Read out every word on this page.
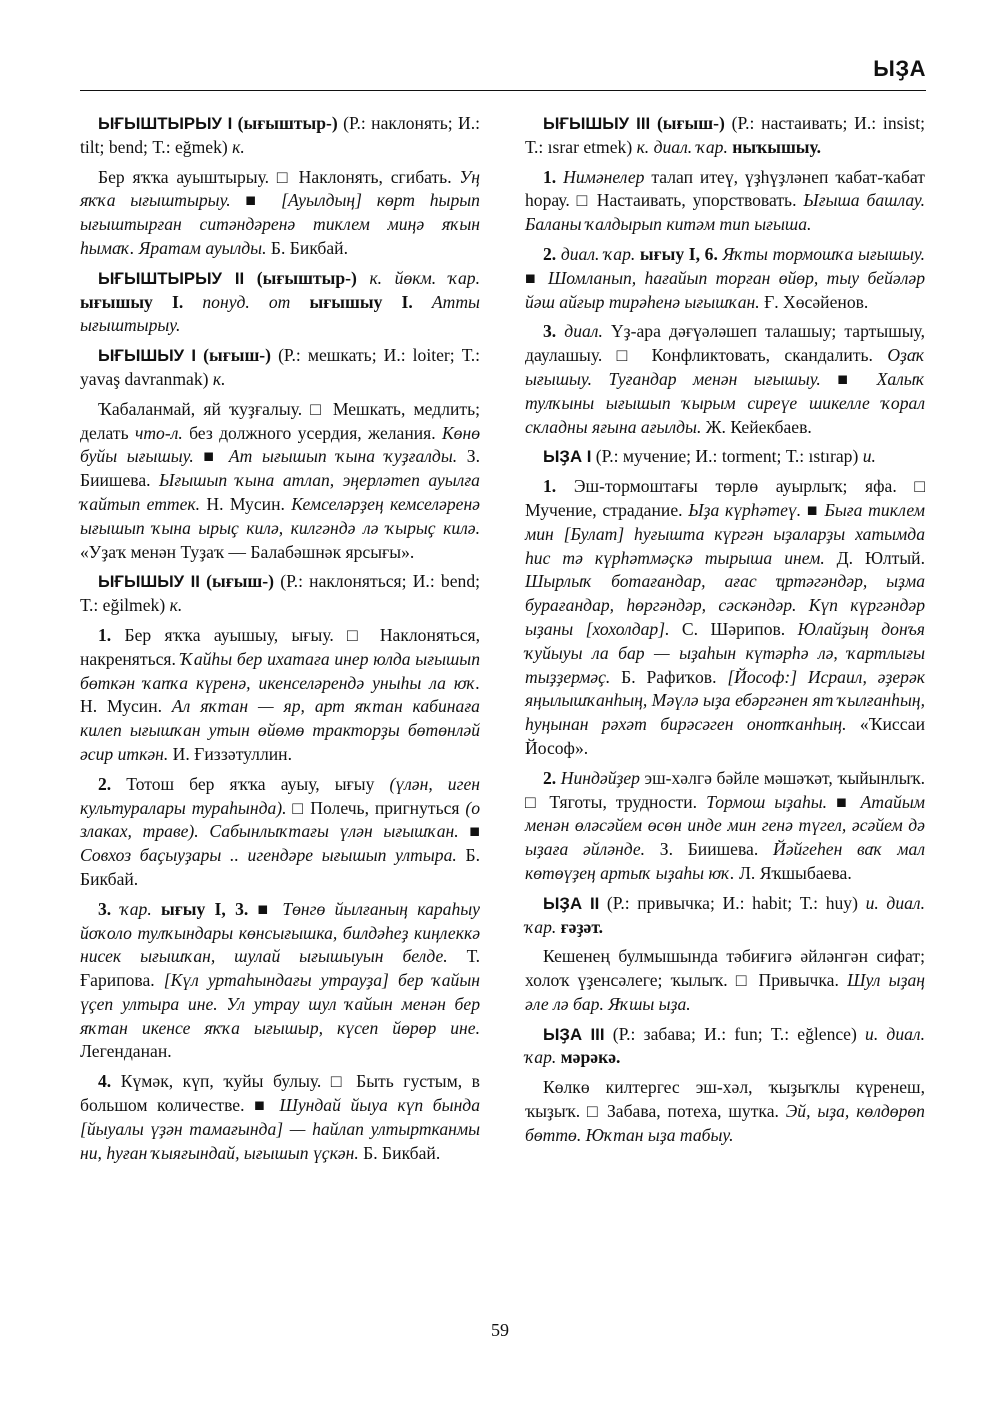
ЫҘА

ЫҒЫШТЫРЫУ I (ығыштыр-) (Р.: наклонять; И.: tilt; bend; Т.: eğmek) к.

Бер яҡҡа ауыштырыу. □ Наклонять, сгибать. Уң яҡҡа ығыштырыу. ■ [Ауылдың] көрт һырып ығыштырған ситәндәренә тиклем миңә яҡын һымаҡ. Яратам ауылды. Б. Бикбай.

ЫҒЫШТЫРЫУ II (ығыштыр-) к. йөкм. ҡар. ығышыу I. понуд. от ығышыу I. Атты ығыштырыу.

ЫҒЫШЫУ I (ығыш-) (Р.: мешкать; И.: loiter; Т.: yavaş davranmak) к.

Ҡабаланмай, яй ҡуҙғалыу. □ Мешкать, медлить; делать что-л. без должного усердия, желания. Көнө буйы ығышыу. ■ Ат ығышып ҡына ҡуҙғалды. З. Биишева. Ығышып ҡына атлап, эңерләтеп ауылға ҡайтып еттек. Н. Мусин. Кемселәрҙең кемселәренә ығышып ҡына ырыҫ килә, килгәндә лә ҡырыҫ килә. «Уҙаҡ менән Туҙаҡ — Балабәшнәк ярсығы».

ЫҒЫШЫУ II (ығыш-) (Р.: наклоняться; И.: bend; Т.: eğilmek) к.

1. Бер яҡҡа ауышыу, ығыу. □ Наклоняться, накреняться. Ҡайһы бер ихатаға инер юлда ығышып бөткән ҡапҡа күренә, икенселәрендә уныһы ла юҡ. Н. Мусин. Ал яҡтан — яр, арт яҡтан кабинаға килеп ығышҡан утын өйөмө тракторҙы бөтөнләй әсир иткән. И. Ғиззәтуллин.

2. Тотош бер яҡҡа ауыу, ығыу (үлән, иген культуралары тураһында). □ Полечь, пригнуться (о злаках, траве). Сабынлыҡтағы үлән ығышҡан. ■ Совхоз баҫыуҙары .. игендәре ығышып ултыра. Б. Бикбай.

3. ҡар. ығыу I, 3. ■ Төнгө йылғаның караһыу йоҡоло тулҡындары көнсығышка, билдәһеҙ киңлеккә нисек ығышҡан, шулай ығышыуын белде. Т. Ғарипова. [Күл уртаһындағы утрауҙа] бер ҡайын үҫеп ултыра ине. Ул утрау шул ҡайын менән бер яҡтан икенсе яҡҡа ығышыр, күсеп йөрөр ине. Легенданан.

4. Күмәк, күп, ҡуйы булыу. □ Быть густым, в большом количестве. ■ Шундай йыуа күп бында [йыуалы үҙән тамағында] — һайлап ултыртканмы ни, һуған ҡыяғындай, ығышып үҫкән. Б. Бикбай.

ЫҒЫШЫУ III (ығыш-) (Р.: настаивать; И.: insist; Т.: ısrar etmek) к. диал. ҡар. ныҡышыу.

1. Нимәнелер талап итеү, үҙһүҙләнеп ҡабат-ҡабат һорау. □ Настаивать, упорствовать. Ығыша башлау. Баланы ҡалдырып китәм тип ығыша.

2. диал. ҡар. ығыу I, 6. Яҡты тормошҡа ығышыу. ■ Шомланып, һағайып торған өйөр, тыу бейәләр йәш айғыр тирәһенә ығышҡан. Ғ. Хөсәйенов.

3. диал. Үҙ-ара дәғүәләшеп талашыу; тартышыу, даулашыу. □ Конфликтовать, скандалить. Оҙаҡ ығышыу. Туғандар менән ығышыу. ■ Халыҡ тулҡыны ығышып ҡырым сиреүе шикелле ҡорал складны яғына ағылды. Ж. Кейекбаев.

ЫҘА I (Р.: мучение; И.: torment; Т.: ıstırap) и.

1. Эш-тормоштағы төрлө ауырлыҡ; яфа. □ Мучение, страдание. Ыҙа күрһәтеү. ■ Быға тиклем мин [Булат] һуғышта күргән ыҙаларҙы хатымда һис тә күрһәтмәҫкә тырыша инем. Д. Юлтый. Шырлыҡ ботағандар, ағас ҵртәгәндәр, ыҙма бурағандар, һөргәндәр, сәскәндәр. Күп күргәндәр ыҙаны [хохолдар]. С. Шәрипов. Юлайҙың донъя ҡуйыуы ла бар — ыҙаһын күтәрһә лә, ҡартлығы тыҙҙермәҫ. Б. Рафиҡов. [Йософ:] Исраил, әҙерәк яңылышҡанһың, Мәүлә ыҙа ебәргәнен ят ҡылғанһың, һуңынан рәхәт бирәсәген онотҡанһың. «Ҡиссаи Йософ».

2. Ниндәйҙер эш-хәлгә бәйле мәшәҡәт, ҡыйынлыҡ. □ Тяготы, трудности. Тормош ыҙаһы. ■ Атайым менән өләсәйем өсөн инде мин генә түгел, әсәйем дә ыҙаға әйләнде. З. Биишева. Йәйгеһен ваҡ мал көтөүҙең артыҡ ыҙаһы юҡ. Л. Яҡшыбаева.

ЫҘА II (Р.: привычка; И.: habit; Т.: huy) и. диал. ҡар. ғәҙәт.

Кешенең булмышында тәбиғигә әйләнгән сифат; холоҡ үҙенсәлеге; ҡылыҡ. □ Привычка. Шул ыҙаң әле лә бар. Яҡшы ыҙа.

ЫҘА III (Р.: забава; И.: fun; Т.: eğlence) и. диал. ҡар. мәрәкә.

Көлкө килтергес эш-хәл, ҡыҙыҡлы күренеш, ҡыҙыҡ. □ Забава, потеха, шутка. Эй, ыҙа, көлдөрөп бөттө. Юҡтан ыҙа табыу.

59
